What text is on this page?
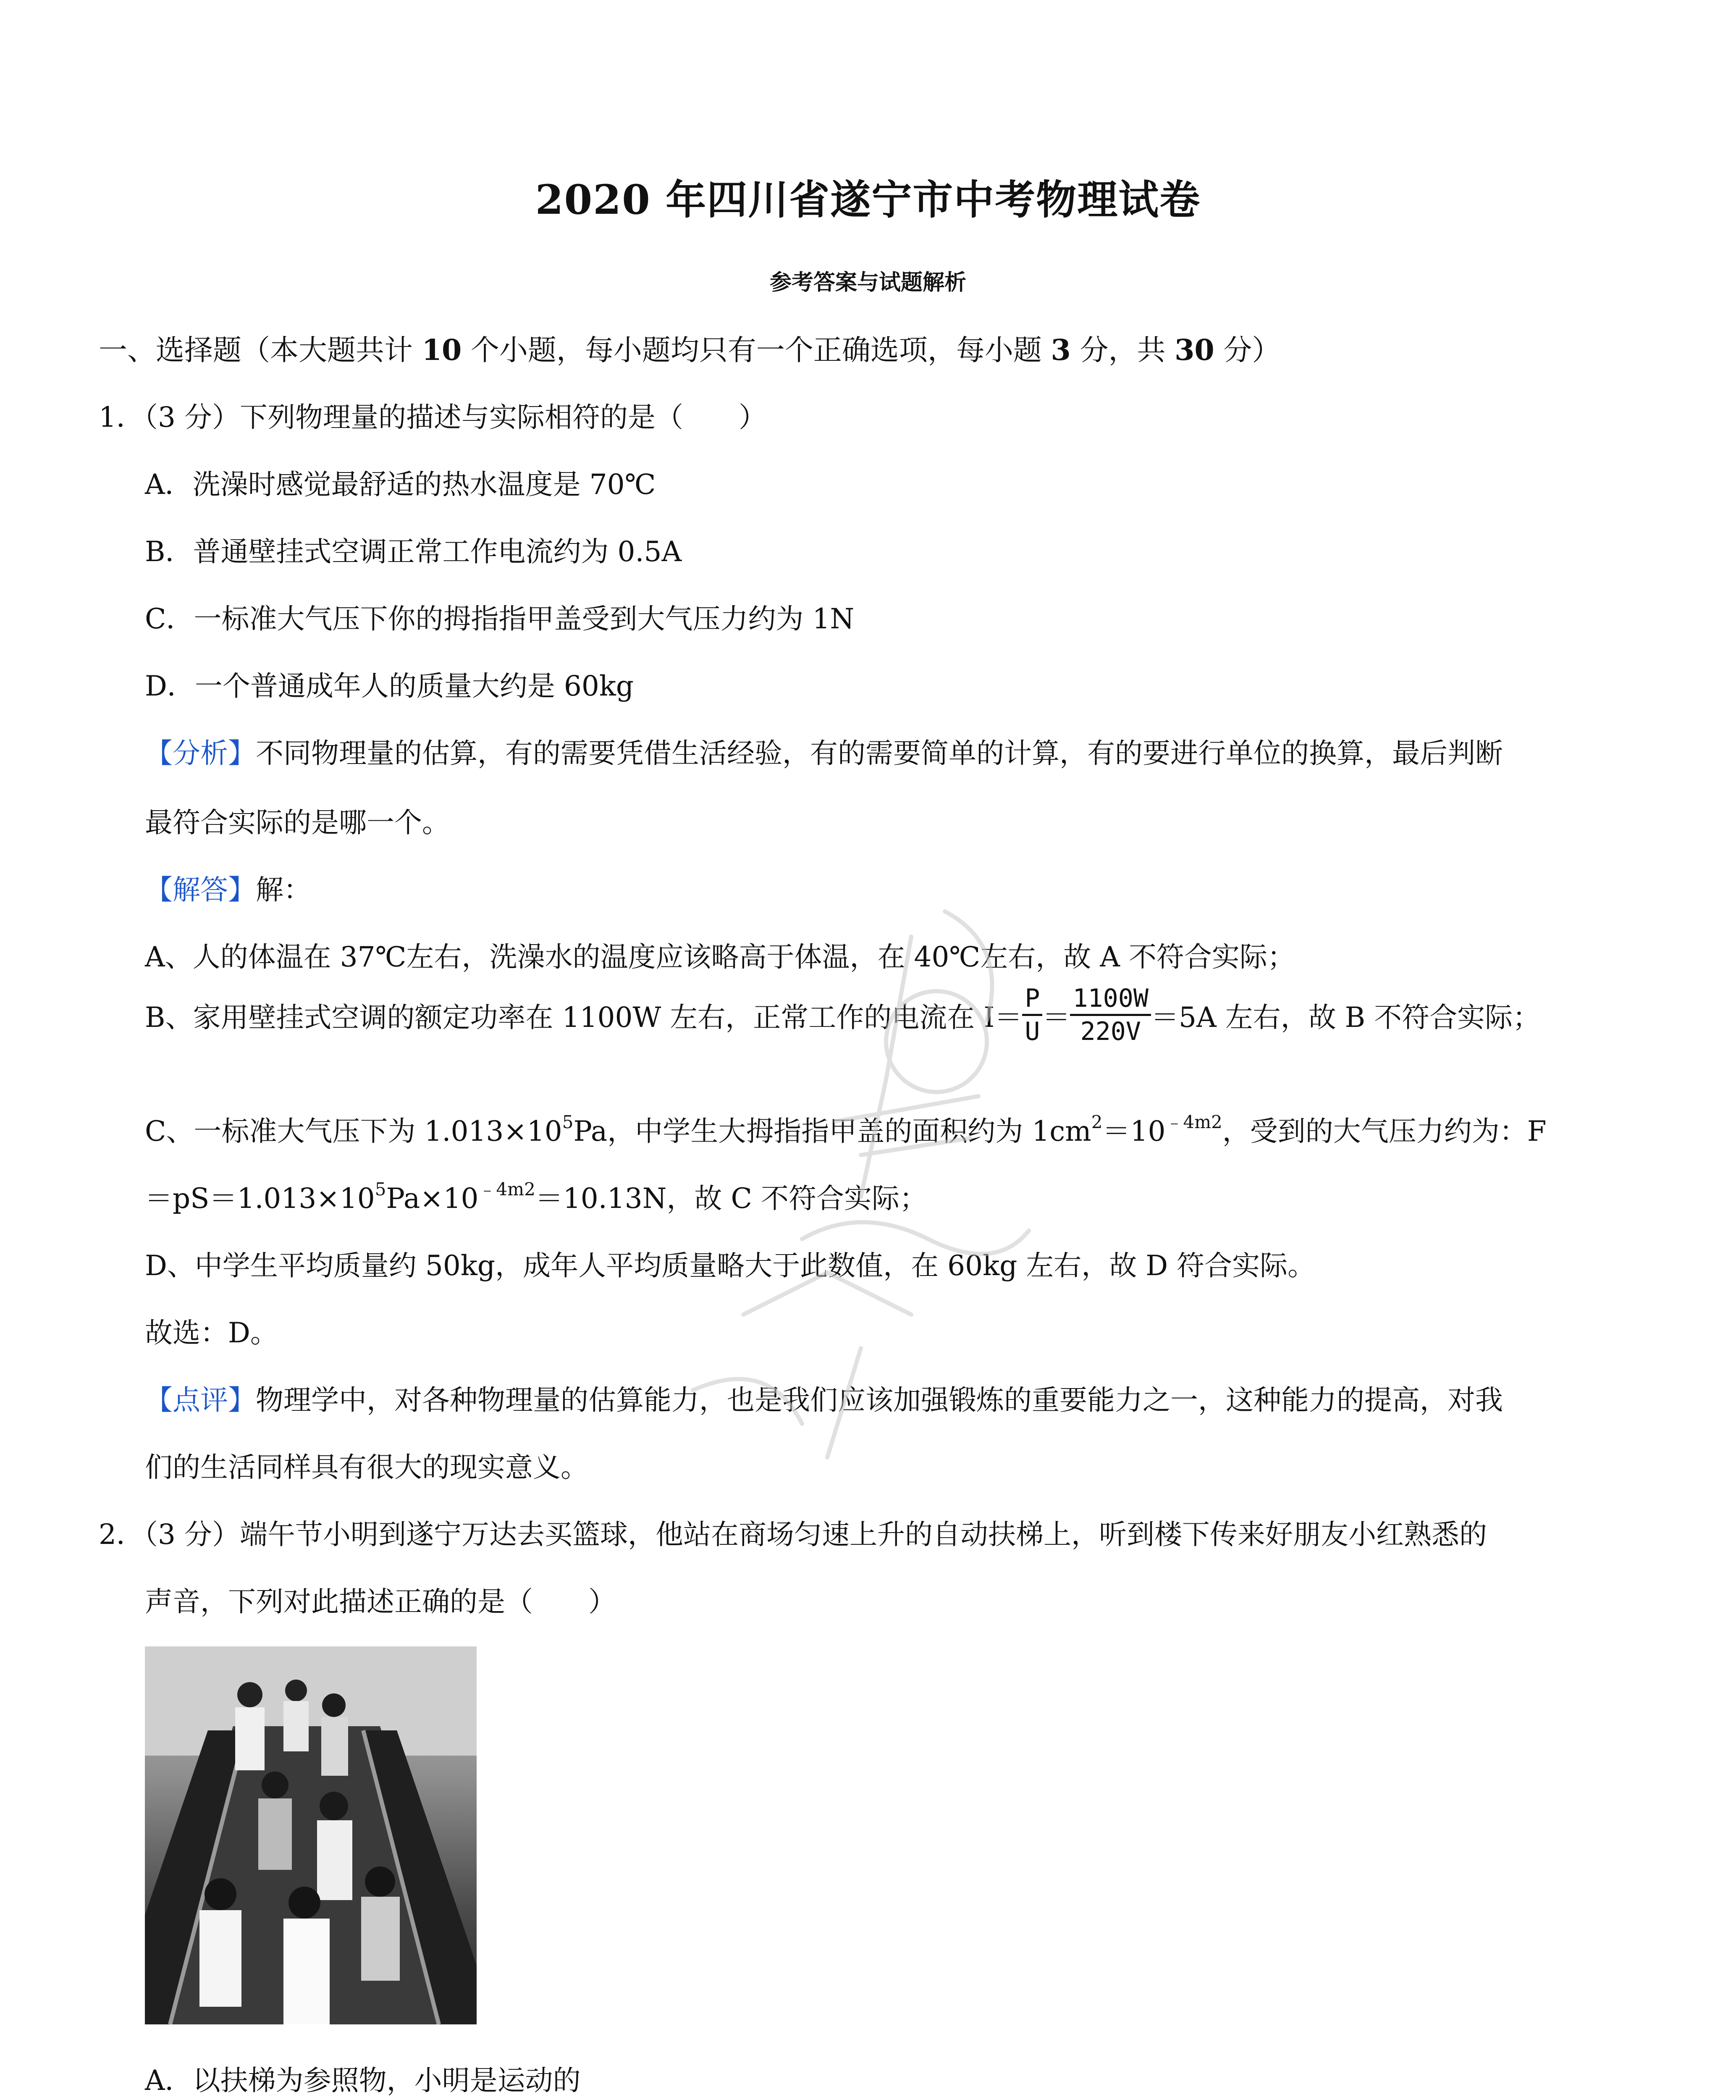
2020 年四川省遂宁市中考物理试卷
参考答案与试题解析
一、选择题（本大题共计 10 个小题，每小题均只有一个正确选项，每小题 3 分，共 30 分）
1．（3 分）下列物理量的描述与实际相符的是（　　）
A．洗澡时感觉最舒适的热水温度是 70℃
B．普通壁挂式空调正常工作电流约为 0.5A
C．一标准大气压下你的拇指指甲盖受到大气压力约为 1N
D．一个普通成年人的质量大约是 60kg
【分析】不同物理量的估算，有的需要凭借生活经验，有的需要简单的计算，有的要进行单位的换算，最后判断
最符合实际的是哪一个。
【解答】解：
A、人的体温在 37℃左右，洗澡水的温度应该略高于体温，在 40℃左右，故 A 不符合实际；
B、家用壁挂式空调的额定功率在 1100W 左右，正常工作的电流在 $I= \frac{P}{U} = \frac{1100W}{220V} =5A$ 左右，故 B 不符合实际；
C、一标准大气压下为 $1.013\times 10^5Pa$，中学生大拇指指甲盖的面积约为 $1cm^2=10^{﹣4m2}$，受到的大气压力约为：F
$=pS=1.013\times 10^5Pa\times 10^{﹣4m2}=10.13N$，故 C 不符合实际；
D、中学生平均质量约 50kg，成年人平均质量略大于此数值，在 60kg 左右，故 D 符合实际。
故选：D。
【点评】物理学中，对各种物理量的估算能力，也是我们应该加强锻炼的重要能力之一，这种能力的提高，对我
们的生活同样具有很大的现实意义。
2．（3 分）端午节小明到遂宁万达去买篮球，他站在商场匀速上升的自动扶梯上，听到楼下传来好朋友小红熟悉的
声音，下列对此描述正确的是（　　）
A．以扶梯为参照物，小明是运动的
